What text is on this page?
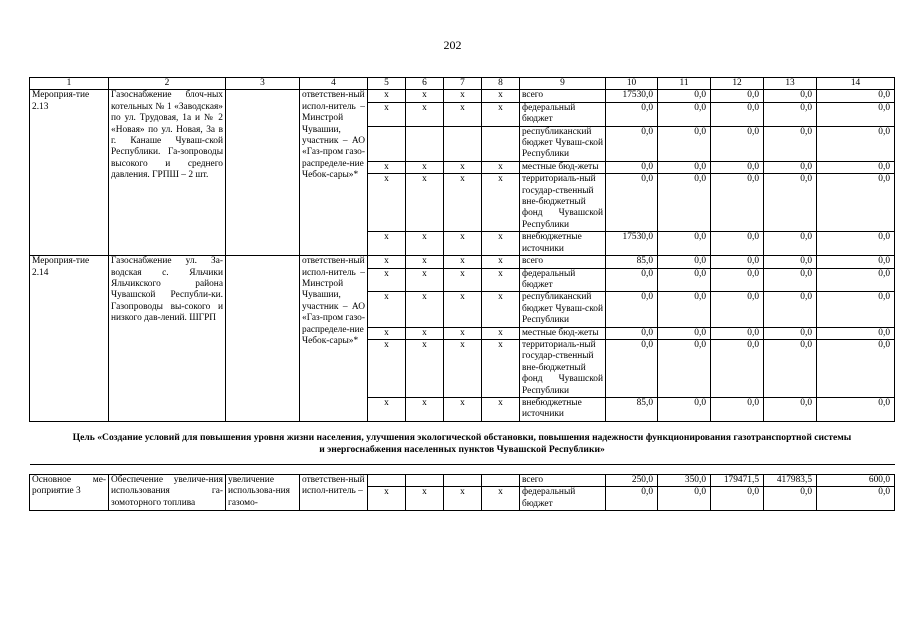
202
1	2	3	4	5	6	7	8	9	10	11	12	13	14
Мероприя-тие 2.13	Газоснабжение блоч-ных котельных № 1 «Заводская» по ул. Трудовая, 1а и № 2 «Новая» по ул. Новая, 3а в г. Канаше Чуваш-ской Республики. Га-зопроводы высокого и среднего давления. ГРПШ – 2 шт.		ответствен-ный испол-нитель – Минстрой Чувашии, участник – АО «Газ-пром газо-распределе-ние Чебок-сары»*	x	x	x	x	всего	17530,0	0,0	0,0	0,0	0,0
				x	x	x	x	федеральный бюджет	0,0	0,0	0,0	0,0	0,0
								республиканский бюджет Чуваш-ской Республики	0,0	0,0	0,0	0,0	0,0
				x	x	x	x	местные бюд-жеты	0,0	0,0	0,0	0,0	0,0
				x	x	x	x	территориаль-ный государ-ственный вне-бюджетный фонд Чувашской Республики	0,0	0,0	0,0	0,0	0,0
				x	x	x	x	внебюджетные источники	17530,0	0,0	0,0	0,0	0,0
Мероприя-тие 2.14	Газоснабжение ул. За-водская с. Яльчики Яльчикского района Чувашской Республи-ки. Газопроводы вы-сокого и низкого дав-лений. ШГРП		ответствен-ный испол-нитель – Минстрой Чувашии, участник – АО «Газ-пром газо-распределе-ние Чебок-сары»*	x	x	x	x	всего	85,0	0,0	0,0	0,0	0,0
				x	x	x	x	федеральный бюджет	0,0	0,0	0,0	0,0	0,0
				x	x	x	x	республиканский бюджет Чуваш-ской Республики	0,0	0,0	0,0	0,0	0,0
				x	x	x	x	местные бюд-жеты	0,0	0,0	0,0	0,0	0,0
				x	x	x	x	территориаль-ный государ-ственный вне-бюджетный фонд Чувашской Республики	0,0	0,0	0,0	0,0	0,0
				x	x	x	x	внебюджетные источники	85,0	0,0	0,0	0,0	0,0
Цель «Создание условий для повышения уровня жизни населения, улучшения экологической обстановки, повышения надежности функционирования газотранспортной системы и энергоснабжения населенных пунктов Чувашской Республики»													

Основное ме-роприятие 3	Обеспечение увеличе-ния использования га-зомоторного топлива	увеличение использова-ния газомо-	ответствен-ный испол-нитель –					всего	250,0	350,0	179471,5	417983,5	600,0
				x	x	x	x	федеральный бюджет	0,0	0,0	0,0	0,0	0,0
